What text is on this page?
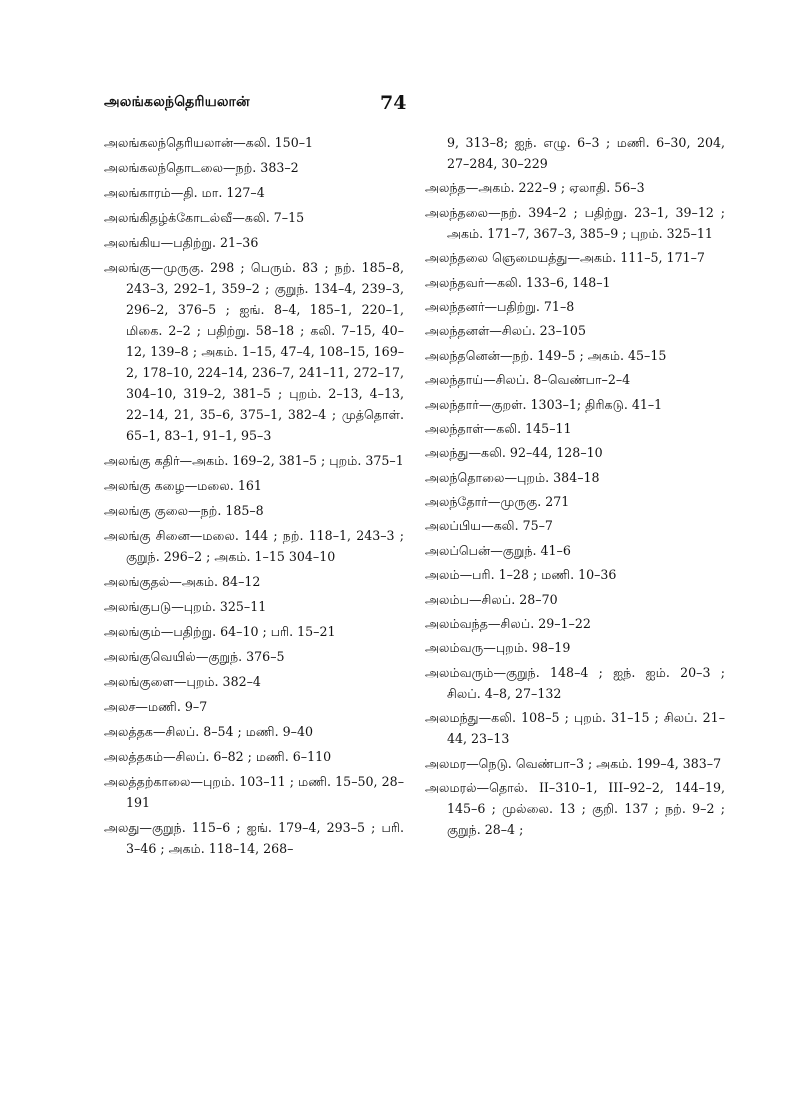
அலங்கலந்தெரியலான்	74

அலங்கலந்தெரியலான்—கலி. 150–1

அலங்கலந்தொடலை—நற். 383–2

அலங்காரம்—தி. மா. 127–4

அலங்கிதழ்க்கோடல்வீ—கலி. 7–15

அலங்கிய—பதிற்று. 21–36

அலங்கு—முருகு. 298 ; பெரும். 83 ; நற். 185–8, 243–3, 292–1, 359–2 ; குறுந். 134–4, 239–3, 296–2, 376–5 ; ஐங். 8–4, 185–1, 220–1, மிகை. 2–2 ; பதிற்று. 58–18 ; கலி. 7–15, 40–12, 139–8 ; அகம். 1–15, 47–4, 108–15, 169–2, 178–10, 224–14, 236–7, 241–11, 272–17, 304–10, 319–2, 381–5 ; புறம். 2–13, 4–13, 22–14, 21, 35–6, 375–1, 382–4 ; முத்தொள். 65–1, 83–1, 91–1, 95–3

அலங்கு கதிர்—அகம். 169–2, 381–5 ; புறம். 375–1

அலங்கு கழை—மலை. 161

அலங்கு குலை—நற். 185–8

அலங்கு சினை—மலை. 144 ; நற். 118–1, 243–3 ; குறுந். 296–2 ; அகம். 1–15 304–10

அலங்குதல்—அகம். 84–12

அலங்குபடு—புறம். 325–11

அலங்கும்—பதிற்று. 64–10 ; பரி. 15–21

அலங்குவெயில்—குறுந். 376–5

அலங்குளை—புறம். 382–4

அலச—மணி. 9–7

அலத்தக—சிலப். 8–54 ; மணி. 9–40

அலத்தகம்—சிலப். 6–82 ; மணி. 6–110

அலத்தற்காலை—புறம். 103–11 ; மணி. 15–50, 28–191

அலது—குறுந். 115–6 ; ஐங். 179–4, 293–5 ; பரி. 3–46 ; அகம். 118–14, 268–

9, 313–8; ஐந். எழு. 6–3 ; மணி. 6–30, 204, 27–284, 30–229

அலந்த—அகம். 222–9 ; ஏலாதி. 56–3

அலந்தலை—நற். 394–2 ; பதிற்று. 23–1, 39–12 ; அகம். 171–7, 367–3, 385–9 ; புறம். 325–11

அலந்தலை ஞெமையத்து—அகம். 111–5, 171–7

அலந்தவர்—கலி. 133–6, 148–1

அலந்தனர்—பதிற்று. 71–8

அலந்தனள்—சிலப். 23–105

அலந்தனென்—நற். 149–5 ; அகம். 45–15

அலந்தாய்—சிலப். 8–வெண்பா–2–4

அலந்தார்—குறள். 1303–1; திரிகடு. 41–1

அலந்தாள்—கலி. 145–11

அலந்து—கலி. 92–44, 128–10

அலந்தொலை—புறம். 384–18

அலந்தோர்—முருகு. 271

அலப்பிய—கலி. 75–7

அலப்பென்—குறுந். 41–6

அலம்—பரி. 1–28 ; மணி. 10–36

அலம்ப—சிலப். 28–70

அலம்வந்த—சிலப். 29–1–22

அலம்வரு—புறம். 98–19

அலம்வரும்—குறுந். 148–4 ; ஐந். ஐம். 20–3 ; சிலப். 4–8, 27–132

அலமந்து—கலி. 108–5 ; புறம். 31–15 ; சிலப். 21–44, 23–13

அலமர—நெடு. வெண்பா–3 ; அகம். 199–4, 383–7

அலமரல்—தொல். II–310–1, III–92–2, 144–19, 145–6 ; முல்லை. 13 ; குறி. 137 ; நற். 9–2 ; குறுந். 28–4 ;
